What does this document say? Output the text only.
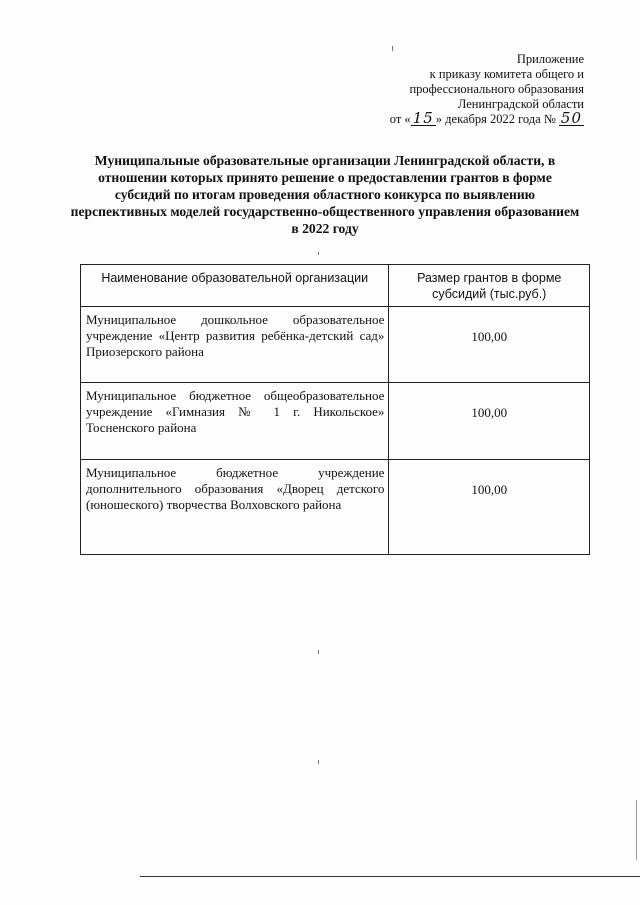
Приложение
к приказу комитета общего и
профессионального образования
Ленинградской области
от « 15 » декабря 2022 года № 50
Муниципальные образовательные организации Ленинградской области, в отношении которых принято решение о предоставлении грантов в форме субсидий по итогам проведения областного конкурса по выявлению перспективных моделей государственно-общественного управления образованием в 2022 году
Наименование образовательной организации	Размер грантов в форме субсидий (тыс.руб.)
Муниципальное дошкольное образовательное учреждение «Центр развития ребёнка-детский сад» Приозерского района	100,00
Муниципальное бюджетное общеобразовательное учреждение «Гимназия № 1 г. Никольское» Тосненского района	100,00
Муниципальное бюджетное учреждение дополнительного образования «Дворец детского (юношеского) творчества Волховского района	100,00
